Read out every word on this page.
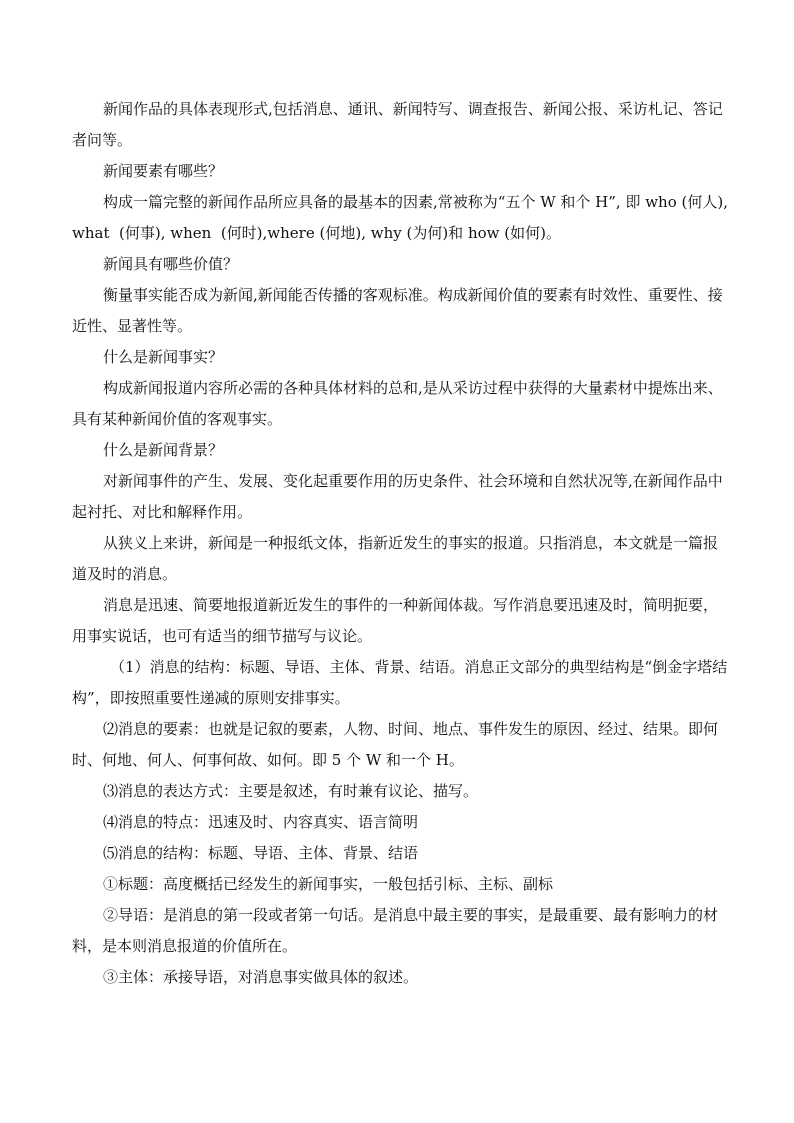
新闻作品的具体表现形式,包括消息、通讯、新闻特写、调查报告、新闻公报、采访札记、答记者问等。

新闻要素有哪些？

构成一篇完整的新闻作品所应具备的最基本的因素,常被称为“五个 W 和个 H”, 即 who (何人), what  (何事), when  (何时),where (何地), why (为何)和 how (如何)。

新闻具有哪些价值？

衡量事实能否成为新闻,新闻能否传播的客观标准。构成新闻价值的要素有时效性、重要性、接近性、显著性等。

什么是新闻事实？

构成新闻报道内容所必需的各种具体材料的总和,是从采访过程中获得的大量素材中提炼出来、具有某种新闻价值的客观事实。

什么是新闻背景？

对新闻事件的产生、发展、变化起重要作用的历史条件、社会环境和自然状况等,在新闻作品中起衬托、对比和解释作用。

从狭义上来讲，新闻是一种报纸文体，指新近发生的事实的报道。只指消息，本文就是一篇报道及时的消息。

消息是迅速、简要地报道新近发生的事件的一种新闻体裁。写作消息要迅速及时，简明扼要，用事实说话，也可有适当的细节描写与议论。

（1）消息的结构：标题、导语、主体、背景、结语。消息正文部分的典型结构是“倒金字塔结构”，即按照重要性递减的原则安排事实。

⑵消息的要素：也就是记叙的要素，人物、时间、地点、事件发生的原因、经过、结果。即何时、何地、何人、何事何故、如何。即 5 个 W 和一个 H。

⑶消息的表达方式：主要是叙述，有时兼有议论、描写。

⑷消息的特点：迅速及时、内容真实、语言简明

⑸消息的结构：标题、导语、主体、背景、结语

①标题：高度概括已经发生的新闻事实，一般包括引标、主标、副标

②导语：是消息的第一段或者第一句话。是消息中最主要的事实，是最重要、最有影响力的材料，是本则消息报道的价值所在。

③主体：承接导语，对消息事实做具体的叙述。
